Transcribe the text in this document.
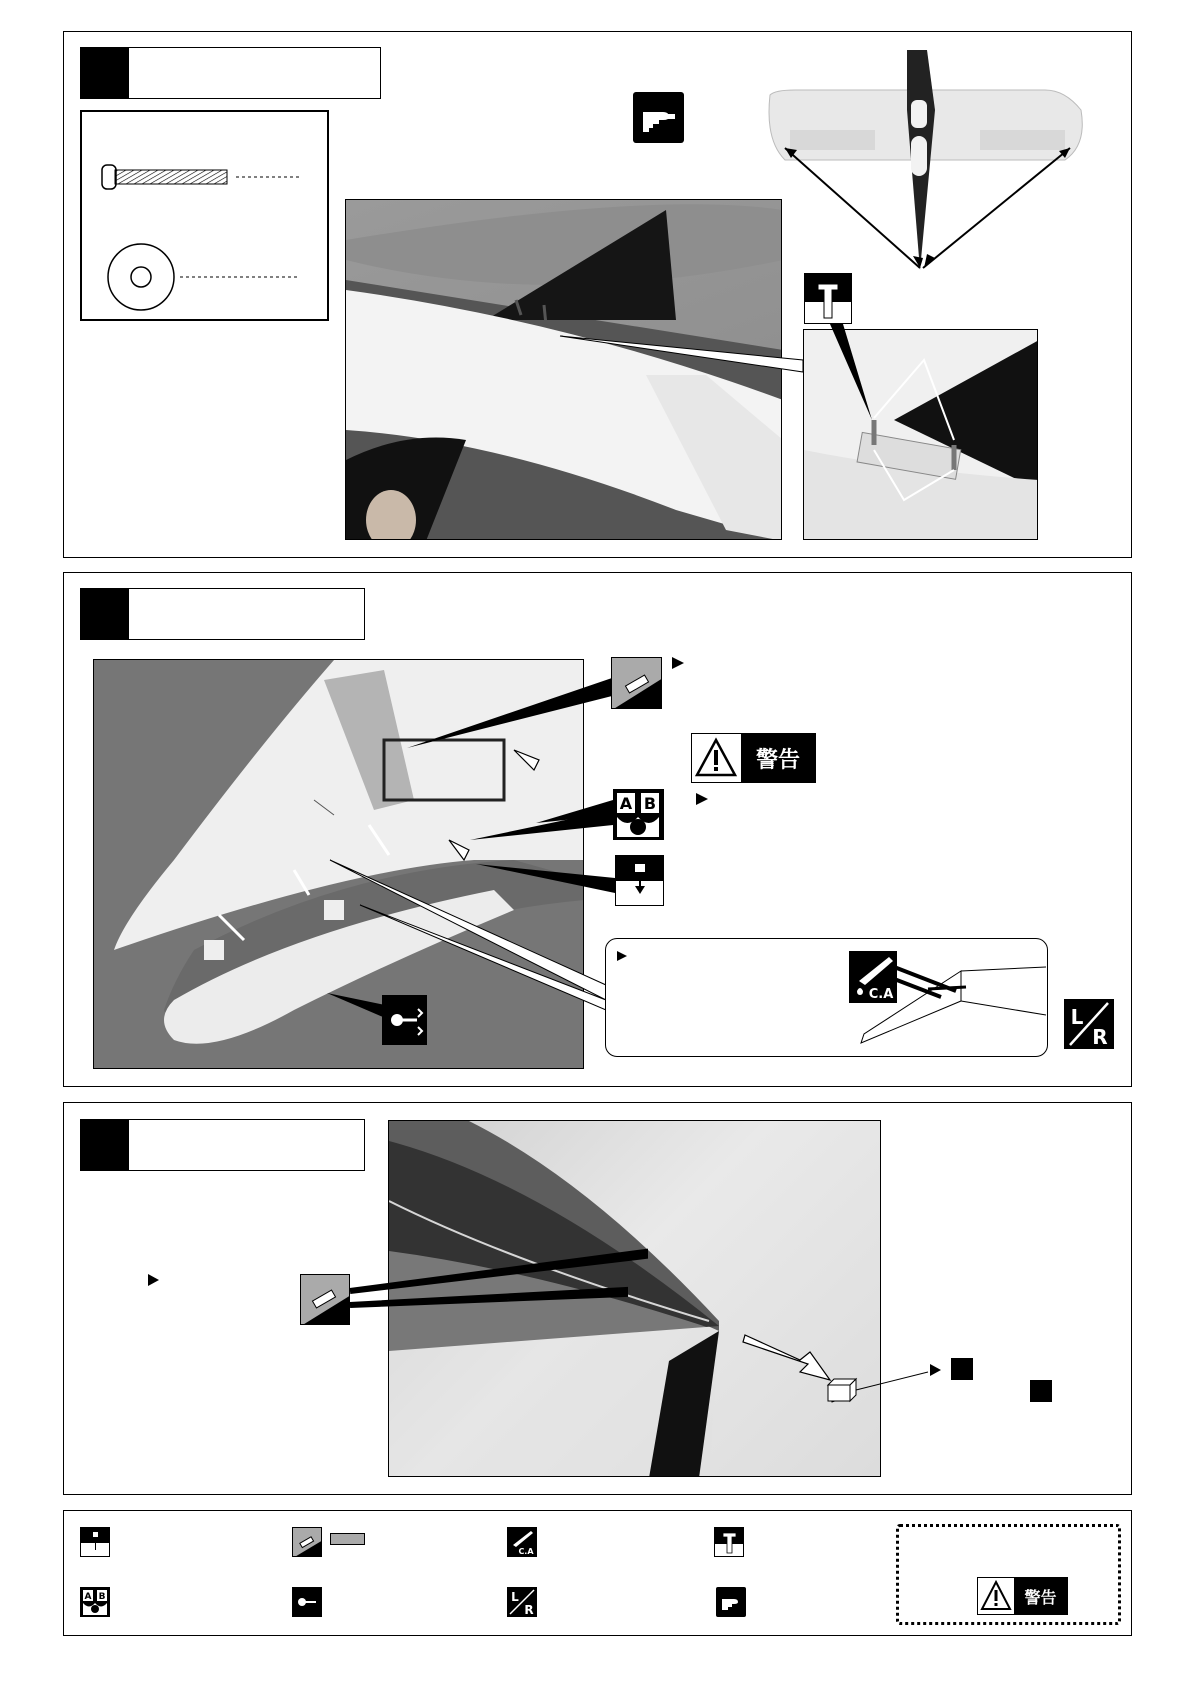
警告
A B
C.A
L
R
C.A
A B	L
R
警告
